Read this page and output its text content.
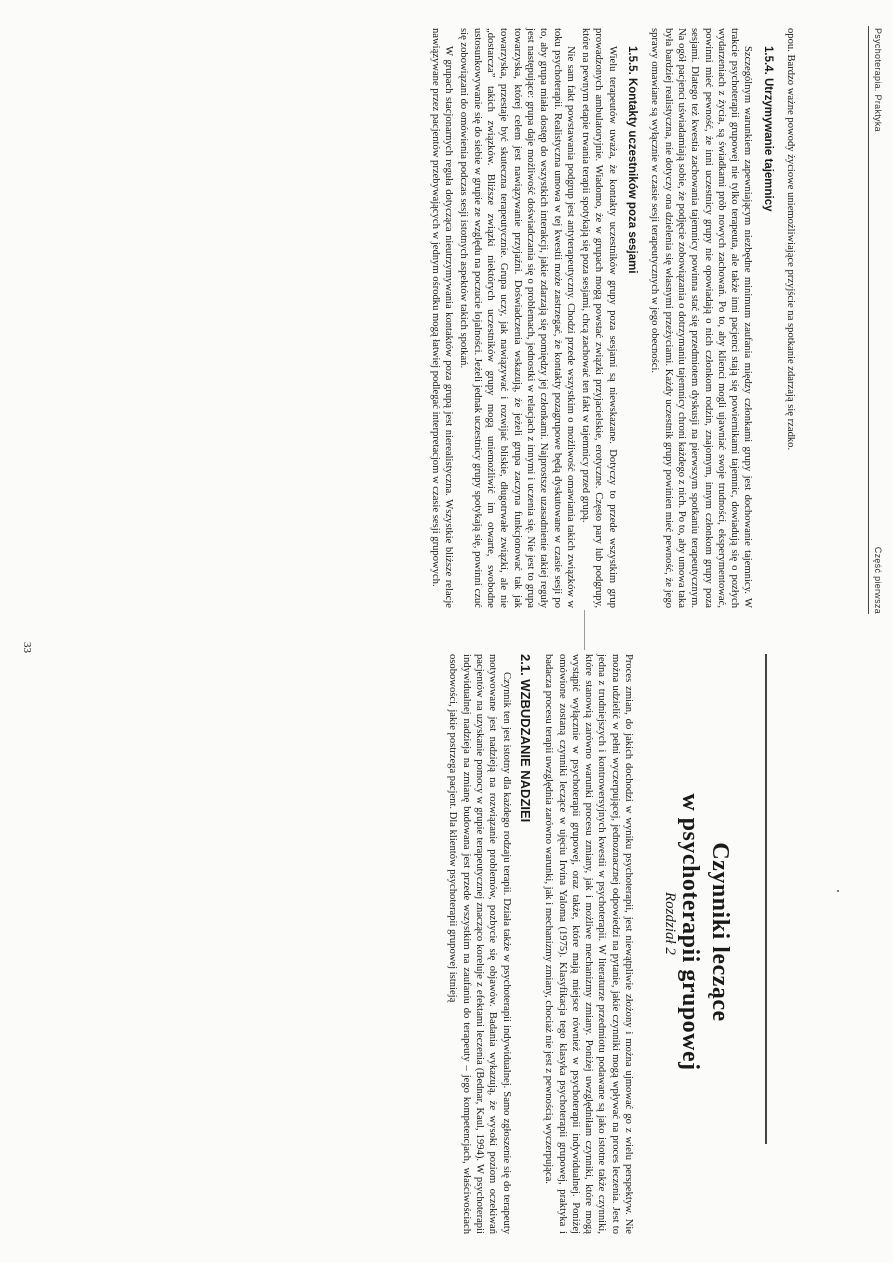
Psychoterapia. Praktyka
Część pierwsza

opou. Bardzo ważne powody życiowe uniemożliwiające przyjście na spotkanie zdarzają się rzadko.

1.5.4. Utrzymywanie tajemnicy

Szczególnym warunkiem zapewniającym niezbędne minimum zaufania między członkami grupy jest dochowanie tajemnicy. W trakcie psychoterapii grupowej nie tylko terapeuta, ale także inni pacjenci stają się powiernikami tajemnic, dowiadują się o pozłych wydarzeniach z życia, są świadkami prób nowych zachowań. Po to, aby klienci mogli ujawniać swoje trudności, eksperymentować, powinni mieć pewność, że inni uczestnicy grupy nie opowiadają o nich członkom rodzin, znajomym, innym członkom grupy poza sesjami. Dlatego też kwestia zachowania tajemnicy powinna stać się przedmiotem dyskusji na pierwszym spotkaniu terapeutycznym. Na ogół pacjenci uświadamiają sobie, że podjęcie zobowiązania o dotrzymaniu tajemnicy chroni każdego z nich. Po to, aby umowa taka była bardziej realistyczna, nie dotyczy ona dzielenia się własnymi przeżyciami. Każdy uczestnik grupy powinien mieć pewność, że jego sprawy omawiane są wyłącznie w czasie sesji terapeutycznych w jego obecności.

1.5.5. Kontakty uczestników poza sesjami

Wielu terapeutów uważa, że kontakty uczestników grupy poza sesjami są niewskazane. Dotyczy to przede wszystkim grup prowadzonych ambulatoryjnie. Wiadomo, że w grupach mogą powstać związki przyjacielskie, erotyczne. Często pary lub podgrupy, które na pewnym etapie trwania terapii spotykają się poza sesjami, chcą zachować ten fakt w tajemnicy przed grupą.

Nie sam fakt powstawania podgrup jest antyterapeutyczny. Chodzi przede wszystkim o możliwość omawiania takich związków w toku psychoterapii. Realistyczna umowa w tej kwestii może zastrzegać, że kontakty pozagrupowe będą dyskutowane w czasie sesji po to, aby grupa miała dostęp do wszystkich interakcji, jakie zdarzają się pomiędzy jej członkami. Najprostsze uzasadnienie takiej reguły jest następujące: grupa daje możliwość doświadczania się o problemach, jednostki w relacjach z innymi i uczenia się. Nie jest to grupa towarzyska, której celem jest nawiązywanie przyjaźni. Doświadczenia wskazują, że jeżeli grupa zaczyna funkcjonować tak jak towarzyska, przestaje być skuteczna terapeutycznie. Grupa uczy, jak nawiązywać i rozwijać bliskie, długotrwałe związki, ale nie „dostarcza” takich związków. Bliższe związki niektórych uczestników grupy mogą uniemożliwić im otwarte, swobodne ustosunkowywanie się do siebie w grupie ze względu na poczucie lojalności. Jeżeli jednak uczestnicy grupy spotykają się, powinni czuć się zobowiązani do omówienia podczas sesji istotnych aspektów takich spotkań.

W grupach stacjonarnych reguła dotycząca nieutrzymywania kontaktów poza grupą jest nierealistyczna. Wszystkie bliższe relacje nawiązywane przez pacjentów przebywających w jednym ośrodku mogą łatwiej podlegać interpretacjom w czasie sesji grupowych.

Rozdział 2 Czynniki leczące
w psychoterapii grupowej

Proces zmian, do jakich dochodzi w wyniku psychoterapii, jest niewątpliwie złożony i można ujmować go z wielu perspektyw. Nie można udzielić w pełni wyczerpującej, jednoznacznej odpowiedzi na pytanie, jakie czynniki mogą wpływać na proces leczenia. Jest to jedna z trudniejszych i kontrowersyjnych kwestii w psychoterapii. W literaturze przedmiotu podawane są jako istotne także czynniki, które stanowią zarówno warunki procesu zmiany, jak i możliwe mechanizmy zmiany. Poniżej uwzględniłam czynniki, które mogą wystąpić wyłącznie w psychoterapii grupowej, oraz także, które mają miejsce również w psychoterapii indywidualnej. Poniżej omówione zostaną czynniki leczące w ujęciu Irvina Yaloma (1975). Klasyfikacja tego klasyka psychoterapii grupowej, praktyka i badacza procesu terapii uwzględnia zarówno warunki, jak i mechanizmy zmiany, chociaż nie jest z pewnością wyczerpująca.

2.1. WZBUDZANIE NADZIEI

Czynnik ten jest istotny dla każdego rodzaju terapii. Działa także w psychoterapii indywidualnej. Samo zgłoszenie się do terapeuty motywowane jest nadzieją na rozwiązanie problemów, pozbycie się objawów. Badania wykazują, że wysoki poziom oczekiwań pacjentów na uzyskanie pomocy w grupie terapeutycznej znacząco koreluje z efektami leczenia (Bednar, Kaul, 1994). W psychoterapii indywidualnej nadzieja na zmianę budowana jest przede wszystkim na zaufaniu do terapeuty – jego kompetencjach, właściwościach osobowości, jakie postrzega pacjent. Dla klientów psychoterapii grupowej istnieją

33
